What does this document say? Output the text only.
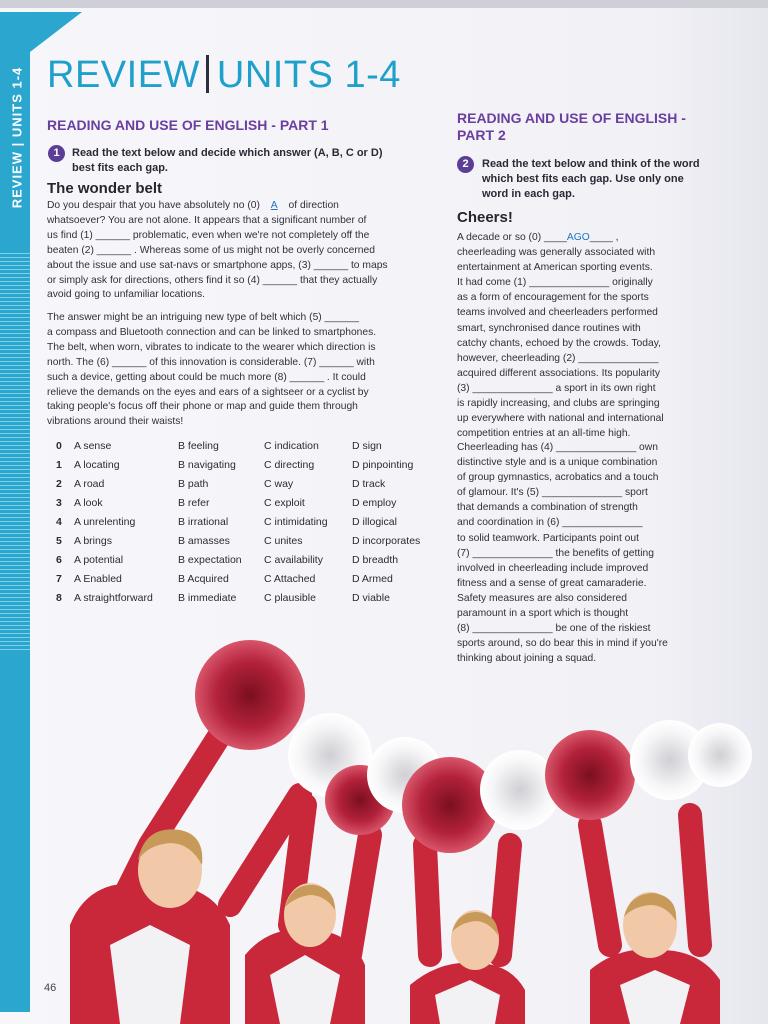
REVIEW | UNITS 1-4 REVIEW UNITS 1-4
READING AND USE OF ENGLISH - PART 1
1	Read the text below and decide which answer (A, B, C or D)
best fits each gap.
The wonder belt
Do you despair that you have absolutely no (0) A of direction
whatsoever? You are not alone. It appears that a significant number of
us find (1) ______ problematic, even when we're not completely off the
beaten (2) ______ . Whereas some of us might not be overly concerned
about the issue and use sat-navs or smartphone apps, (3) ______ to maps
or simply ask for directions, others find it so (4) ______ that they actually
avoid going to unfamiliar locations.
The answer might be an intriguing new type of belt which (5) ______
a compass and Bluetooth connection and can be linked to smartphones.
The belt, when worn, vibrates to indicate to the wearer which direction is
north. The (6) ______ of this innovation is considerable. (7) ______ with
such a device, getting about could be much more (8) ______ . It could
relieve the demands on the eyes and ears of a sightseer or a cyclist by
taking people's focus off their phone or map and guide them through
vibrations around their waists!
0 A sense	B feeling	C indication	D sign
1 A locating	B navigating	C directing	D pinpointing
2 A road	B path	C way	D track
3 A look	B refer	C exploit	D employ
4 A unrelenting	B irrational	C intimidating D illogical
5 A brings	B amasses	C unites	D incorporates
6 A potential	B expectation C availability	D breadth
7 A Enabled	B Acquired	C Attached	D Armed
8 A straightforward B immediate	C plausible	D viable
READING AND USE OF ENGLISH -
PART 2
2	Read the text below and think of the word
which best fits each gap. Use only one
word in each gap.
Cheers!
A decade or so (0) ____AGO____ ,
cheerleading was generally associated with
entertainment at American sporting events.
It had come (1) ______________ originally
as a form of encouragement for the sports
teams involved and cheerleaders performed
smart, synchronised dance routines with
catchy chants, echoed by the crowds. Today,
however, cheerleading (2) ______________
acquired different associations. Its popularity
(3) ______________ a sport in its own right
is rapidly increasing, and clubs are springing
up everywhere with national and international
competition entries at an all-time high.
Cheerleading has (4) ______________ own
distinctive style and is a unique combination
of group gymnastics, acrobatics and a touch
of glamour. It's (5) ______________ sport
that demands a combination of strength
and coordination in (6) ______________
to solid teamwork. Participants point out
(7) ______________ the benefits of getting
involved in cheerleading include improved
fitness and a sense of great camaraderie.
Safety measures are also considered
paramount in a sport which is thought
(8) ______________ be one of the riskiest
sports around, so do bear this in mind if you're
thinking about joining a squad.
46
